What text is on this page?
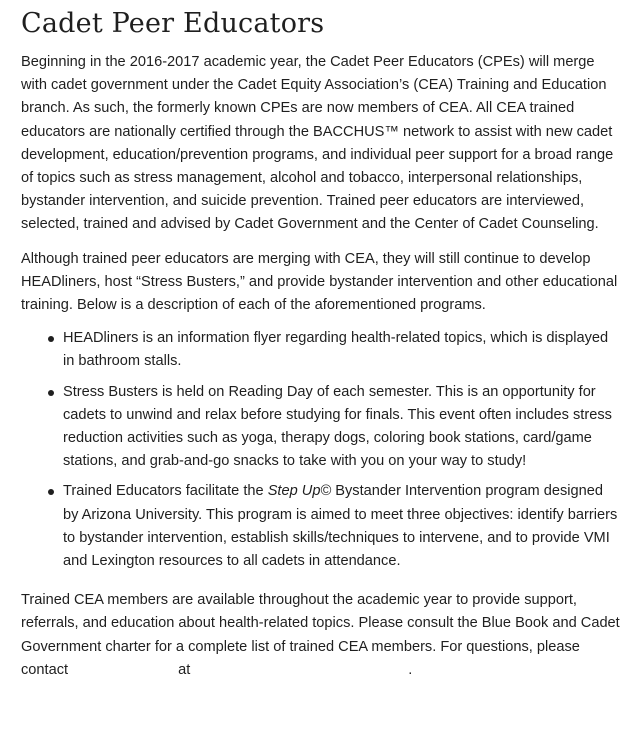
Cadet Peer Educators

Beginning in the 2016-2017 academic year, the Cadet Peer Educators (CPEs) will merge with cadet government under the Cadet Equity Association’s (CEA) Training and Education branch. As such, the formerly known CPEs are now members of CEA. All CEA trained educators are nationally certified through the BACCHUS™ network to assist with new cadet development, education/prevention programs, and individual peer support for a broad range of topics such as stress management, alcohol and tobacco, interpersonal relationships, bystander intervention, and suicide prevention. Trained peer educators are interviewed, selected, trained and advised by Cadet Government and the Center of Cadet Counseling.

Although trained peer educators are merging with CEA, they will still continue to develop HEADliners, host “Stress Busters,” and provide bystander intervention and other educational training. Below is a description of each of the aforementioned programs.

HEADliners is an information flyer regarding health-related topics, which is displayed in bathroom stalls.
Stress Busters is held on Reading Day of each semester. This is an opportunity for cadets to unwind and relax before studying for finals. This event often includes stress reduction activities such as yoga, therapy dogs, coloring book stations, card/game stations, and grab-and-go snacks to take with you on your way to study!
Trained Educators facilitate the Step Up© Bystander Intervention program designed by Arizona University. This program is aimed to meet three objectives: identify barriers to bystander intervention, establish skills/techniques to intervene, and to provide VMI and Lexington resources to all cadets in attendance.

Trained CEA members are available throughout the academic year to provide support, referrals, and education about health-related topics. Please consult the Blue Book and Cadet Government charter for a complete list of trained CEA members. For questions, please contact	at	.
